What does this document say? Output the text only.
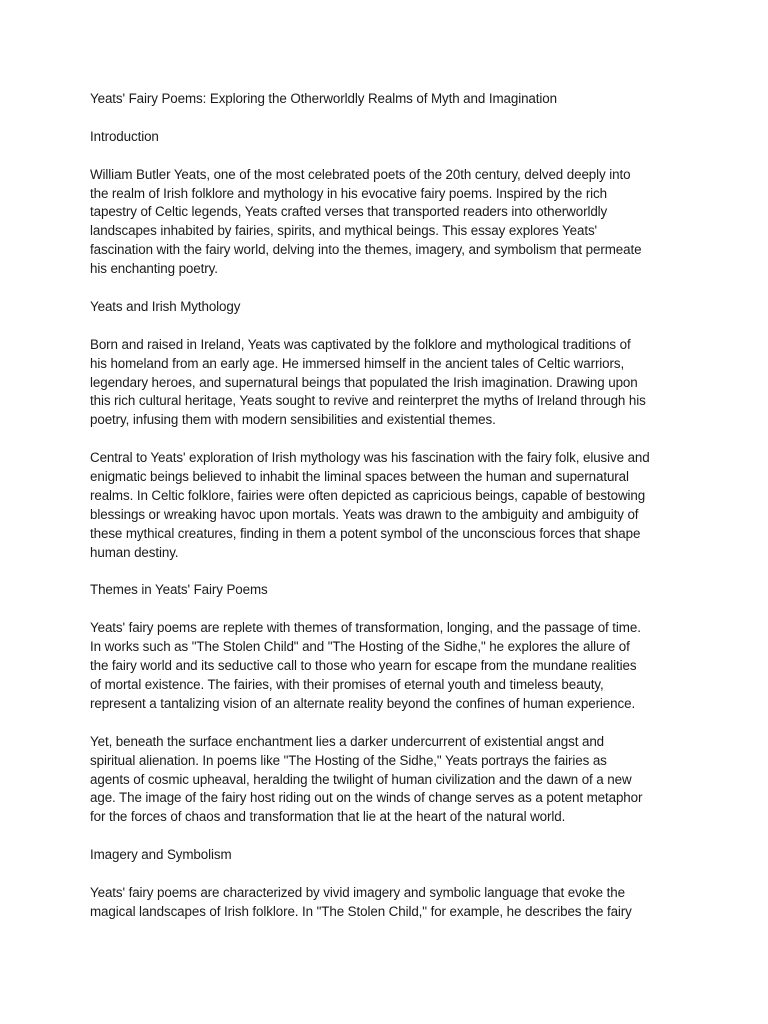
Yeats' Fairy Poems: Exploring the Otherworldly Realms of Myth and Imagination
Introduction
William Butler Yeats, one of the most celebrated poets of the 20th century, delved deeply into
the realm of Irish folklore and mythology in his evocative fairy poems. Inspired by the rich
tapestry of Celtic legends, Yeats crafted verses that transported readers into otherworldly
landscapes inhabited by fairies, spirits, and mythical beings. This essay explores Yeats'
fascination with the fairy world, delving into the themes, imagery, and symbolism that permeate
his enchanting poetry.
Yeats and Irish Mythology
Born and raised in Ireland, Yeats was captivated by the folklore and mythological traditions of
his homeland from an early age. He immersed himself in the ancient tales of Celtic warriors,
legendary heroes, and supernatural beings that populated the Irish imagination. Drawing upon
this rich cultural heritage, Yeats sought to revive and reinterpret the myths of Ireland through his
poetry, infusing them with modern sensibilities and existential themes.
Central to Yeats' exploration of Irish mythology was his fascination with the fairy folk, elusive and
enigmatic beings believed to inhabit the liminal spaces between the human and supernatural
realms. In Celtic folklore, fairies were often depicted as capricious beings, capable of bestowing
blessings or wreaking havoc upon mortals. Yeats was drawn to the ambiguity and ambiguity of
these mythical creatures, finding in them a potent symbol of the unconscious forces that shape
human destiny.
Themes in Yeats' Fairy Poems
Yeats' fairy poems are replete with themes of transformation, longing, and the passage of time.
In works such as "The Stolen Child" and "The Hosting of the Sidhe," he explores the allure of
the fairy world and its seductive call to those who yearn for escape from the mundane realities
of mortal existence. The fairies, with their promises of eternal youth and timeless beauty,
represent a tantalizing vision of an alternate reality beyond the confines of human experience.
Yet, beneath the surface enchantment lies a darker undercurrent of existential angst and
spiritual alienation. In poems like "The Hosting of the Sidhe," Yeats portrays the fairies as
agents of cosmic upheaval, heralding the twilight of human civilization and the dawn of a new
age. The image of the fairy host riding out on the winds of change serves as a potent metaphor
for the forces of chaos and transformation that lie at the heart of the natural world.
Imagery and Symbolism
Yeats' fairy poems are characterized by vivid imagery and symbolic language that evoke the
magical landscapes of Irish folklore. In "The Stolen Child," for example, he describes the fairy
